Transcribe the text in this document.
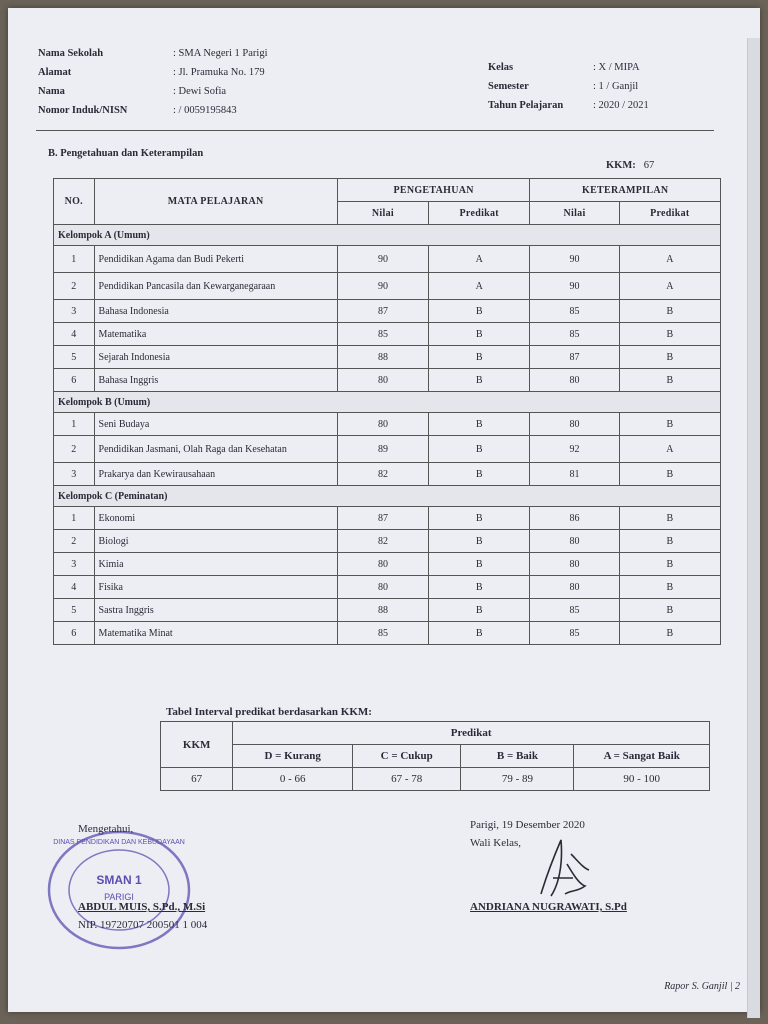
Nama Sekolah	: SMA Negeri 1 Parigi
Alamat	: Jl. Pramuka No. 179
Nama	: Dewi Sofia
Nomor Induk/NISN	: / 0059195843
Kelas	: X / MIPA
Semester	: 1 / Ganjil
Tahun Pelajaran	: 2020 / 2021
B. Pengetahuan dan Keterampilan
KKM: 67
NO.	MATA PELAJARAN	PENGETAHUAN		KETERAMPILAN	
		Nilai	Predikat	Nilai	Predikat
Kelompok A (Umum)					
1	Pendidikan Agama dan Budi Pekerti	90	A	90	A
2	Pendidikan Pancasila dan Kewarganegaraan	90	A	90	A
3	Bahasa Indonesia	87	B	85	B
4	Matematika	85	B	85	B
5	Sejarah Indonesia	88	B	87	B
6	Bahasa Inggris	80	B	80	B
Kelompok B (Umum)					
1	Seni Budaya	80	B	80	B
2	Pendidikan Jasmani, Olah Raga dan Kesehatan	89	B	92	A
3	Prakarya dan Kewirausahaan	82	B	81	B
Kelompok C (Peminatan)					
1	Ekonomi	87	B	86	B
2	Biologi	82	B	80	B
3	Kimia	80	B	80	B
4	Fisika	80	B	80	B
5	Sastra Inggris	88	B	85	B
6	Matematika Minat	85	B	85	B
Tabel Interval predikat berdasarkan KKM:
KKM	Predikat			
	D = Kurang	C = Cukup	B = Baik	A = Sangat Baik
67	0 - 66	67 - 78	79 - 89	90 - 100
DINAS PENDIDIKAN DAN KEBUDAYAAN
SMAN 1
PARIGI
Mengetahui,
ABDUL MUIS, S.Pd., M.Si
NIP. 19720707 200501 1 004
Parigi, 19 Desember 2020
Wali Kelas,
ANDRIANA NUGRAWATI, S.Pd
Rapor S. Ganjil | 2
